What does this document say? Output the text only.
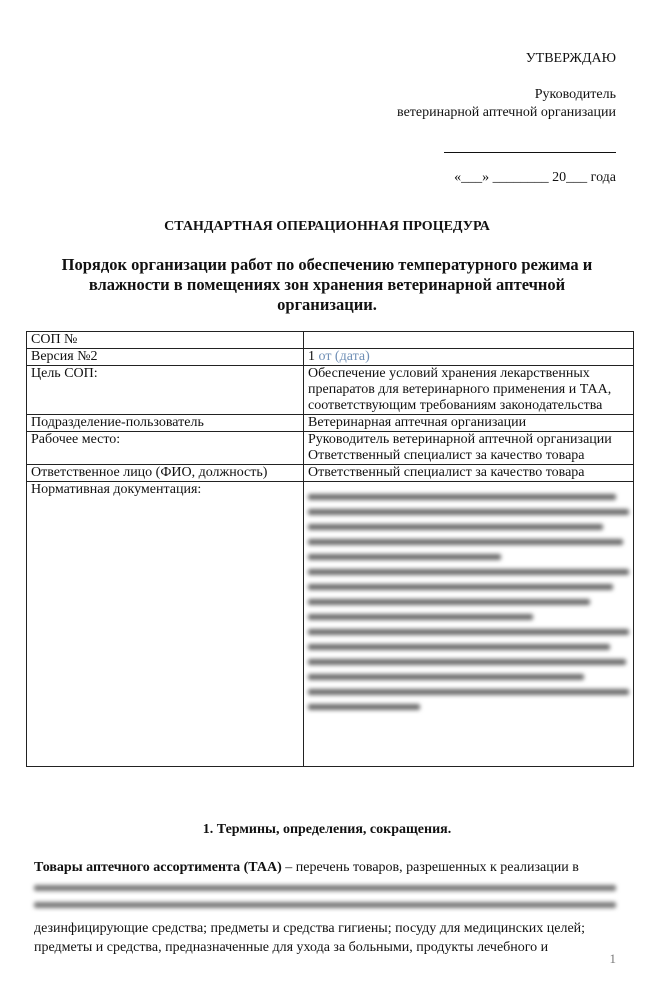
УТВЕРЖДАЮ
Руководитель
ветеринарной аптечной организации
«___» ________ 20___ года
СТАНДАРТНАЯ ОПЕРАЦИОННАЯ ПРОЦЕДУРА
Порядок организации работ по обеспечению температурного режима и влажности в помещениях зон хранения ветеринарной аптечной организации.
СОП №	
Версия №2	1 от (дата)
Цель СОП:	Обеспечение условий хранения лекарственных препаратов для ветеринарного применения и ТАА, соответствующим требованиям законодательства
Подразделение-пользователь	Ветеринарная аптечная организации
Рабочее место:	Руководитель ветеринарной аптечной организации
Ответственный специалист за качество товара

Ответственное лицо (ФИО, должность)	Ответственный специалист за качество товара
Нормативная документация:	
1. Термины, определения, сокращения.
Товары аптечного ассортимента (ТАА) – перечень товаров, разрешенных к реализации в
дезинфицирующие средства; предметы и средства гигиены; посуду для медицинских целей;
предметы и средства, предназначенные для ухода за больными, продукты лечебного и
1
